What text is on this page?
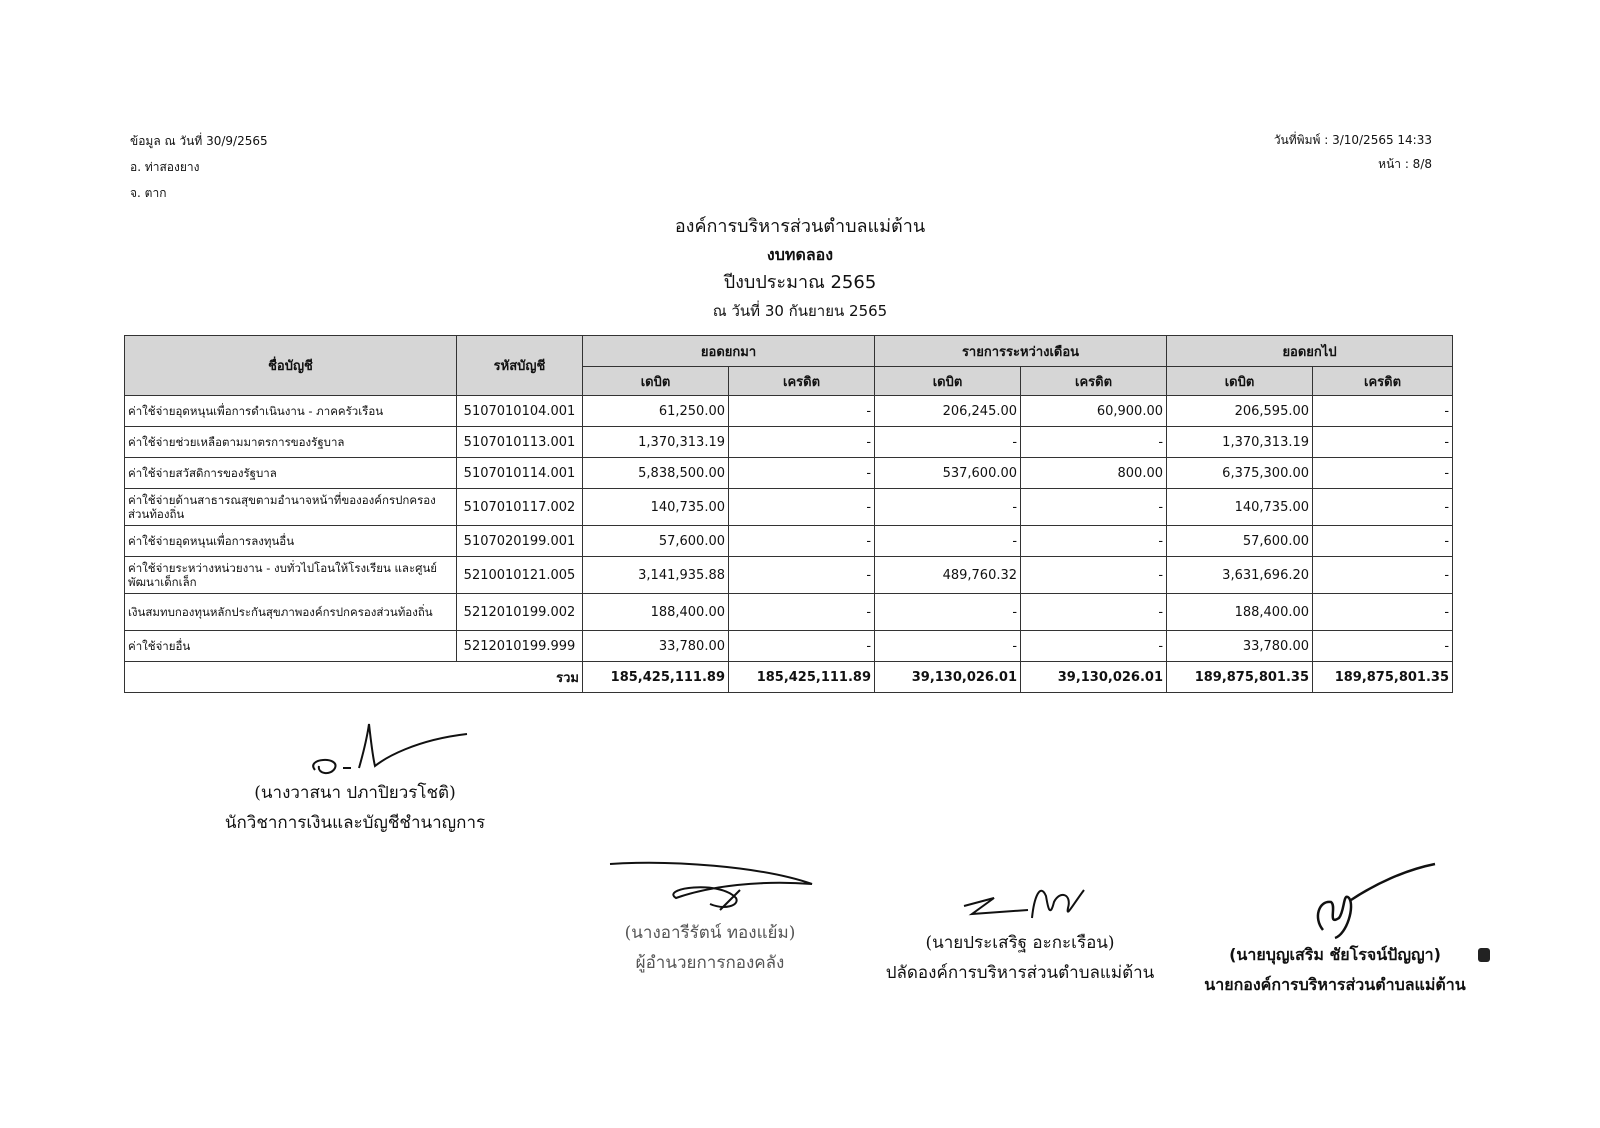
ข้อมูล ณ วันที่ 30/9/2565
อ. ท่าสองยาง
จ. ตาก
วันที่พิมพ์ : 3/10/2565 14:33
หน้า : 8/8
องค์การบริหารส่วนตำบลแม่ต้าน
งบทดลอง
ปีงบประมาณ 2565
ณ วันที่ 30 กันยายน 2565
ชื่อบัญชี	รหัสบัญชี	ยอดยกมา		รายการระหว่างเดือน		ยอดยกไป	
		เดบิต	เครดิต	เดบิต	เครดิต	เดบิต	เครดิต
ค่าใช้จ่ายอุดหนุนเพื่อการดำเนินงาน - ภาคครัวเรือน	5107010104.001	61,250.00	-	206,245.00	60,900.00	206,595.00	-
ค่าใช้จ่ายช่วยเหลือตามมาตรการของรัฐบาล	5107010113.001	1,370,313.19	-	-	-	1,370,313.19	-
ค่าใช้จ่ายสวัสดิการของรัฐบาล	5107010114.001	5,838,500.00	-	537,600.00	800.00	6,375,300.00	-
ค่าใช้จ่ายด้านสาธารณสุขตามอำนาจหน้าที่ขององค์กรปกครองส่วนท้องถิ่น	5107010117.002	140,735.00	-	-	-	140,735.00	-
ค่าใช้จ่ายอุดหนุนเพื่อการลงทุนอื่น	5107020199.001	57,600.00	-	-	-	57,600.00	-
ค่าใช้จ่ายระหว่างหน่วยงาน - งบทั่วไปโอนให้โรงเรียน และศูนย์พัฒนาเด็กเล็ก	5210010121.005	3,141,935.88	-	489,760.32	-	3,631,696.20	-
เงินสมทบกองทุนหลักประกันสุขภาพองค์กรปกครองส่วนท้องถิ่น	5212010199.002	188,400.00	-	-	-	188,400.00	-
ค่าใช้จ่ายอื่น	5212010199.999	33,780.00	-	-	-	33,780.00	-
รวม		185,425,111.89	185,425,111.89	39,130,026.01	39,130,026.01	189,875,801.35	189,875,801.35
(นางวาสนา ปภาปิยวรโชติ)
นักวิชาการเงินและบัญชีชำนาญการ
(นางอารีรัตน์ ทองแย้ม)
ผู้อำนวยการกองคลัง
(นายประเสริฐ อะกะเรือน)
ปลัดองค์การบริหารส่วนตำบลแม่ต้าน
(นายบุญเสริม ชัยโรจน์ปัญญา)
นายกองค์การบริหารส่วนตำบลแม่ต้าน
